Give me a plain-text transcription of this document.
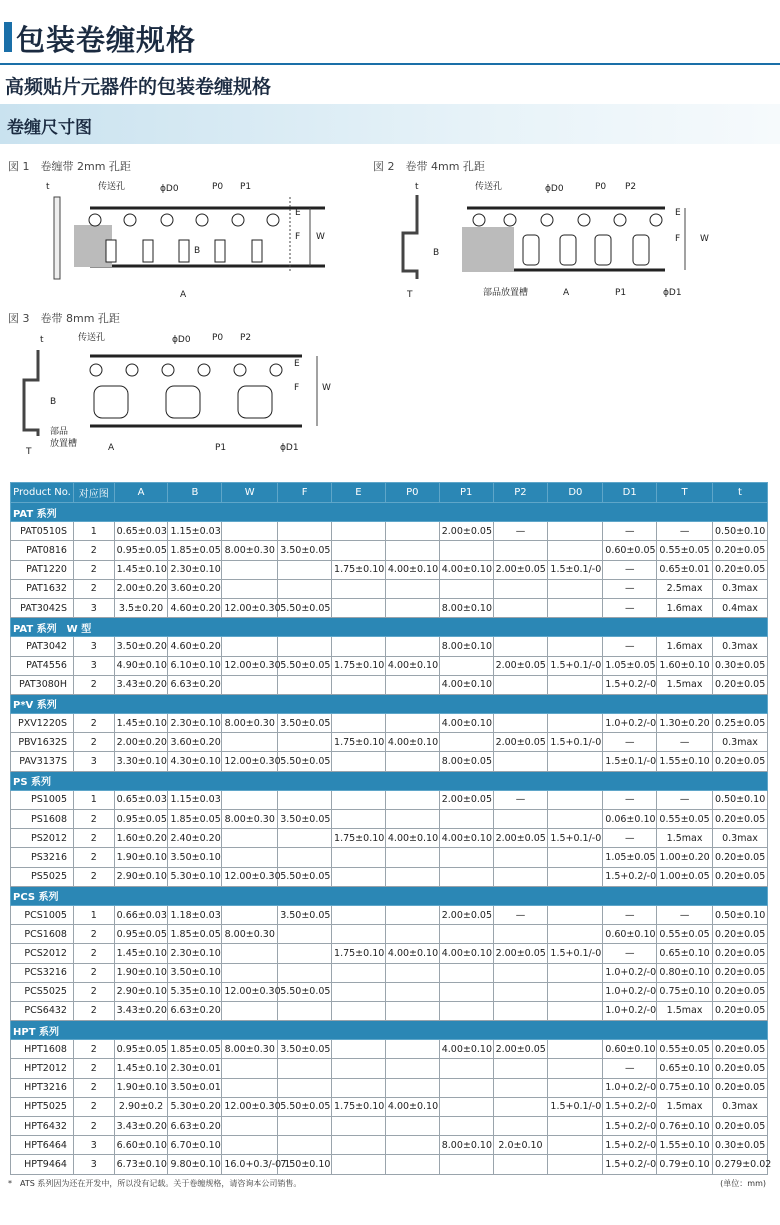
包装卷缠规格
高频贴片元器件的包装卷缠规格
卷缠尺寸图
図 1　卷缠带 2mm 孔距
t	传送孔	ϕD0	P0 P1
E
F W
B
A
図 2　卷带 4mm 孔距
t	传送孔	ϕD0	P0 P2
E
F W
B
T	部品放置槽	A	P1	ϕD1
図 3　卷带 8mm 孔距
t	传送孔	ϕD0 P0 P2
E
F	W
B
T
部品
放置槽	A	P1	ϕD1
Product No.	对应图	A	B	W	F	E	P0	P1	P2	D0	D1	T	t
PAT 系列													
PAT0510S	1	0.65±0.03	1.15±0.03					2.00±0.05	—		—	—	0.50±0.10
PAT0816	2	0.95±0.05	1.85±0.05	8.00±0.30	3.50±0.05						0.60±0.05	0.55±0.05	0.20±0.05
PAT1220	2	1.45±0.10	2.30±0.10			1.75±0.10	4.00±0.10	4.00±0.10	2.00±0.05	1.5±0.1/-0	—	0.65±0.01	0.20±0.05
PAT1632	2	2.00±0.20	3.60±0.20								—	2.5max	0.3max
PAT3042S	3	3.5±0.20	4.60±0.20	12.00±0.30	5.50±0.05			8.00±0.10			—	1.6max	0.4max
PAT 系列　W 型													
PAT3042	3	3.50±0.20	4.60±0.20					8.00±0.10			—	1.6max	0.3max
PAT4556	3	4.90±0.10	6.10±0.10	12.00±0.30	5.50±0.05	1.75±0.10	4.00±0.10		2.00±0.05	1.5+0.1/-0	1.05±0.05	1.60±0.10	0.30±0.05
PAT3080H	2	3.43±0.20	6.63±0.20					4.00±0.10			1.5+0.2/-0	1.5max	0.20±0.05
P*V 系列													
PXV1220S	2	1.45±0.10	2.30±0.10	8.00±0.30	3.50±0.05			4.00±0.10			1.0+0.2/-0	1.30±0.20	0.25±0.05
PBV1632S	2	2.00±0.20	3.60±0.20			1.75±0.10	4.00±0.10		2.00±0.05	1.5+0.1/-0	—	—	0.3max
PAV3137S	3	3.30±0.10	4.30±0.10	12.00±0.30	5.50±0.05			8.00±0.05			1.5±0.1/-0	1.55±0.10	0.20±0.05
PS 系列													
PS1005	1	0.65±0.03	1.15±0.03					2.00±0.05	—		—	—	0.50±0.10
PS1608	2	0.95±0.05	1.85±0.05	8.00±0.30	3.50±0.05						0.06±0.10	0.55±0.05	0.20±0.05
PS2012	2	1.60±0.20	2.40±0.20			1.75±0.10	4.00±0.10	4.00±0.10	2.00±0.05	1.5+0.1/-0	—	1.5max	0.3max
PS3216	2	1.90±0.10	3.50±0.10								1.05±0.05	1.00±0.20	0.20±0.05
PS5025	2	2.90±0.10	5.30±0.10	12.00±0.30	5.50±0.05						1.5+0.2/-0	1.00±0.05	0.20±0.05
PCS 系列													
PCS1005	1	0.66±0.03	1.18±0.03		3.50±0.05			2.00±0.05	—		—	—	0.50±0.10
PCS1608	2	0.95±0.05	1.85±0.05	8.00±0.30							0.60±0.10	0.55±0.05	0.20±0.05
PCS2012	2	1.45±0.10	2.30±0.10			1.75±0.10	4.00±0.10	4.00±0.10	2.00±0.05	1.5+0.1/-0	—	0.65±0.10	0.20±0.05
PCS3216	2	1.90±0.10	3.50±0.10								1.0+0.2/-0	0.80±0.10	0.20±0.05
PCS5025	2	2.90±0.10	5.35±0.10	12.00±0.30	5.50±0.05						1.0+0.2/-0	0.75±0.10	0.20±0.05
PCS6432	2	3.43±0.20	6.63±0.20								1.0+0.2/-0	1.5max	0.20±0.05
HPT 系列													
HPT1608	2	0.95±0.05	1.85±0.05	8.00±0.30	3.50±0.05			4.00±0.10	2.00±0.05		0.60±0.10	0.55±0.05	0.20±0.05
HPT2012	2	1.45±0.10	2.30±0.01								—	0.65±0.10	0.20±0.05
HPT3216	2	1.90±0.10	3.50±0.01								1.0+0.2/-0	0.75±0.10	0.20±0.05
HPT5025	2	2.90±0.2	5.30±0.20	12.00±0.30	5.50±0.05	1.75±0.10	4.00±0.10			1.5+0.1/-0	1.5+0.2/-0	1.5max	0.3max
HPT6432	2	3.43±0.20	6.63±0.20								1.5+0.2/-0	0.76±0.10	0.20±0.05
HPT6464	3	6.60±0.10	6.70±0.10					8.00±0.10	2.0±0.10		1.5+0.2/-0	1.55±0.10	0.30±0.05
HPT9464	3	6.73±0.10	9.80±0.10	16.0+0.3/-0.1	7.50±0.10						1.5+0.2/-0	0.79±0.10	0.279±0.02
*　ATS 系列因为还在开发中，所以没有记载。关于卷缠规格，请咨询本公司销售。	(单位：mm)
